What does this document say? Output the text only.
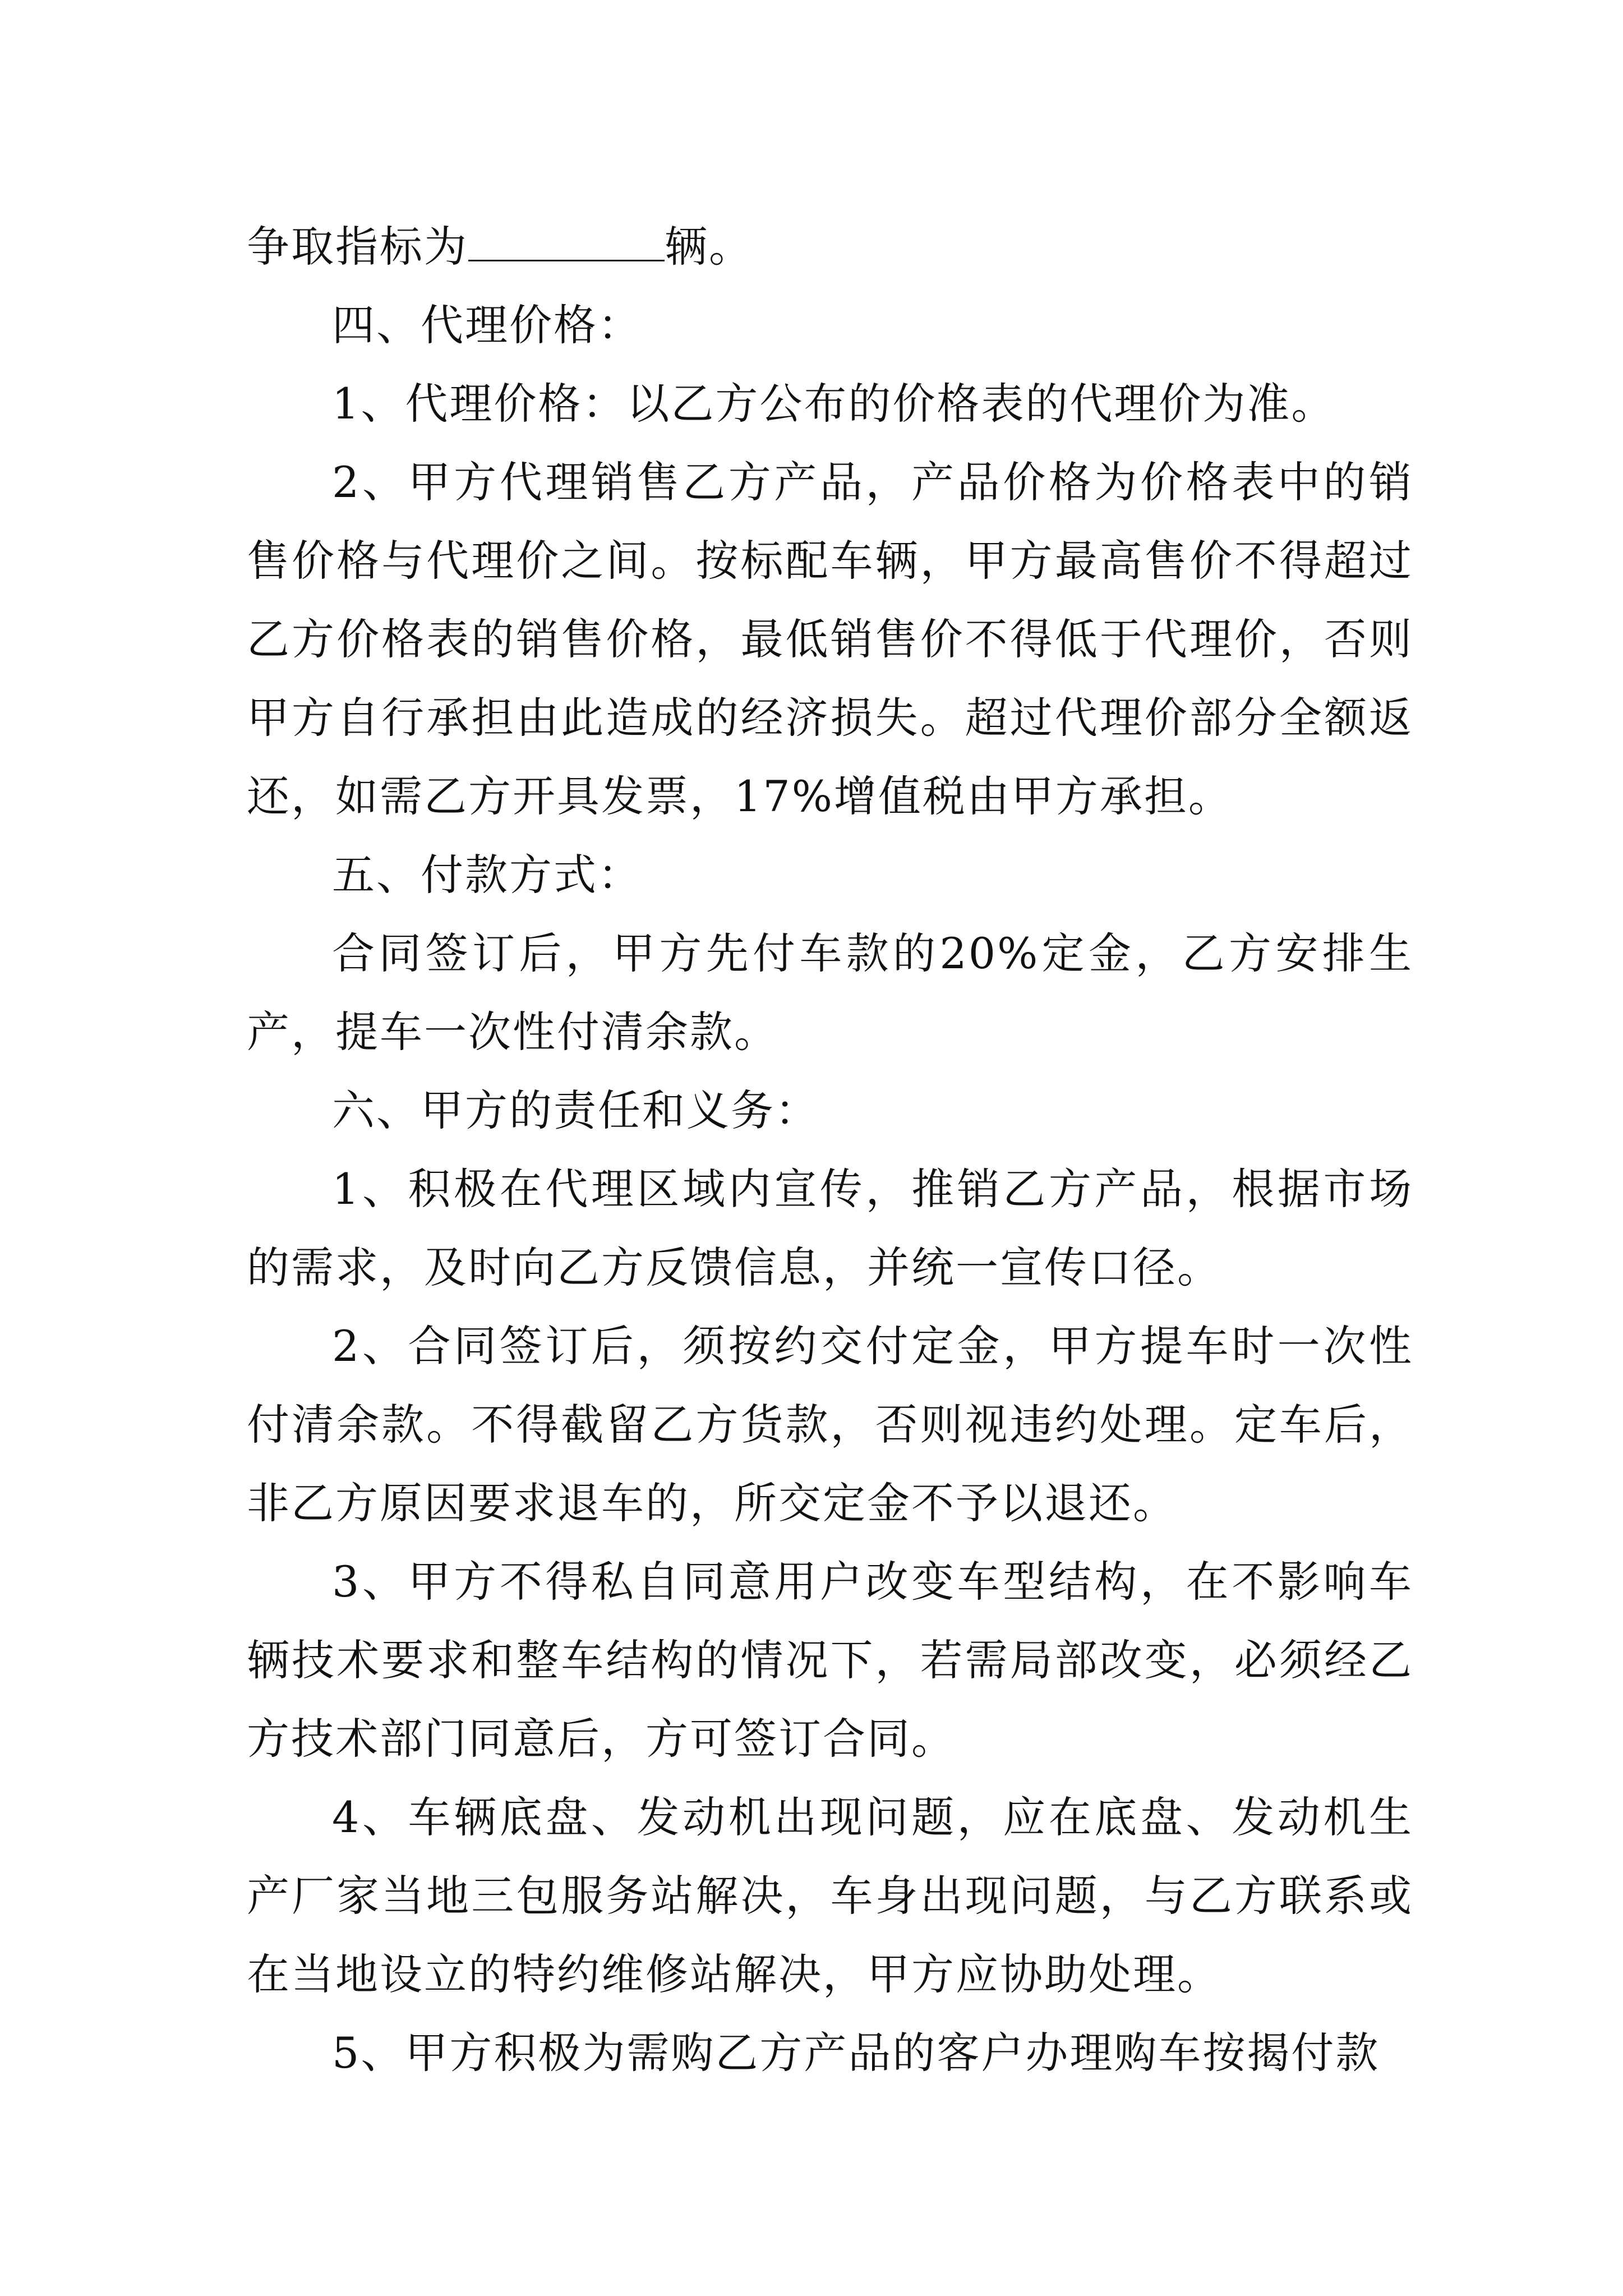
争取指标为	辆。

四、代理价格：

1、代理价格：以乙方公布的价格表的代理价为准。

2、甲方代理销售乙方产品，产品价格为价格表中的销售价格与代理价之间。按标配车辆，甲方最高售价不得超过乙方价格表的销售价格，最低销售价不得低于代理价，否则甲方自行承担由此造成的经济损失。超过代理价部分全额返还，如需乙方开具发票，17%增值税由甲方承担。

五、付款方式：

合同签订后，甲方先付车款的20%定金，乙方安排生产，提车一次性付清余款。

六、甲方的责任和义务：

1、积极在代理区域内宣传，推销乙方产品，根据市场的需求，及时向乙方反馈信息，并统一宣传口径。

2、合同签订后，须按约交付定金，甲方提车时一次性付清余款。不得截留乙方货款，否则视违约处理。定车后，非乙方原因要求退车的，所交定金不予以退还。

3、甲方不得私自同意用户改变车型结构，在不影响车辆技术要求和整车结构的情况下，若需局部改变，必须经乙方技术部门同意后，方可签订合同。

4、车辆底盘、发动机出现问题，应在底盘、发动机生产厂家当地三包服务站解决，车身出现问题，与乙方联系或在当地设立的特约维修站解决，甲方应协助处理。

5、甲方积极为需购乙方产品的客户办理购车按揭付款
